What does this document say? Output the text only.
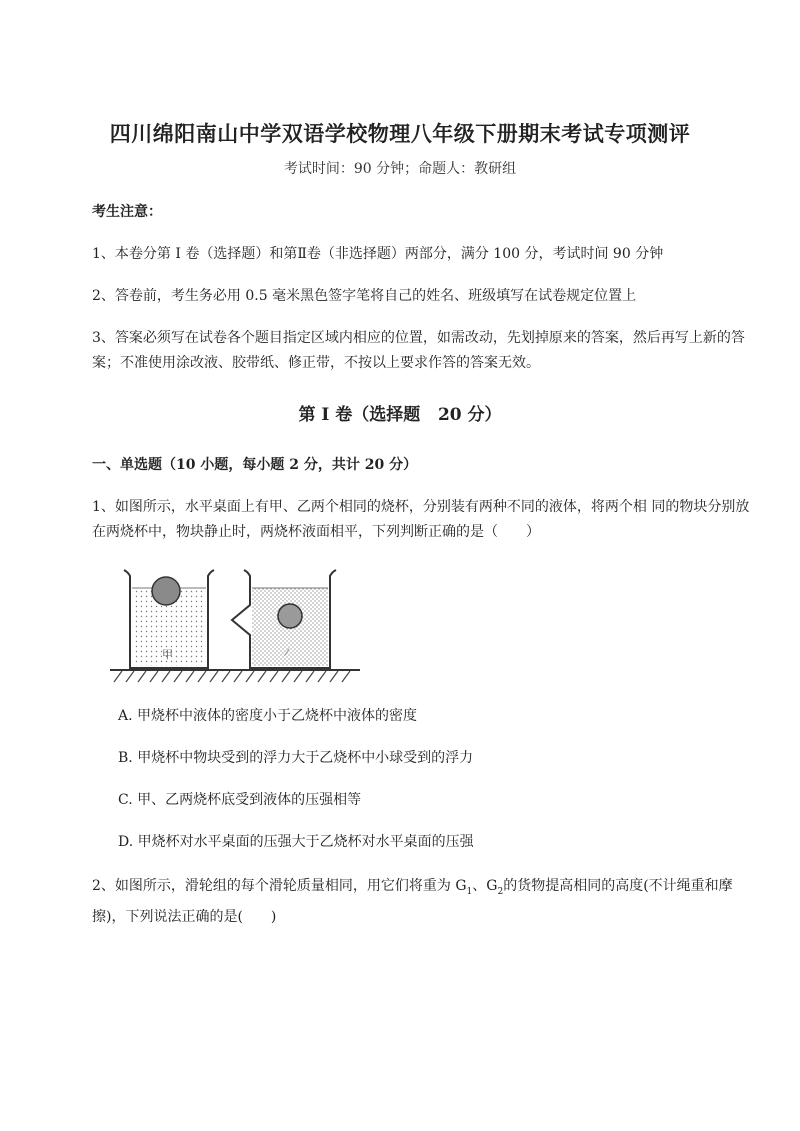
四川绵阳南山中学双语学校物理八年级下册期末考试专项测评
考试时间：90 分钟；命题人：教研组
考生注意：
1、本卷分第 I 卷（选择题）和第Ⅱ卷（非选择题）两部分，满分 100 分，考试时间 90 分钟
2、答卷前，考生务必用 0.5 毫米黑色签字笔将自己的姓名、班级填写在试卷规定位置上
3、答案必须写在试卷各个题目指定区域内相应的位置，如需改动，先划掉原来的答案，然后再写上新的答案；不准使用涂改液、胶带纸、修正带，不按以上要求作答的答案无效。
第 I 卷（选择题   20 分）
一、单选题（10 小题，每小题 2 分，共计 20 分）
1、如图所示，水平桌面上有甲、乙两个相同的烧杯，分别装有两种不同的液体，将两个相 同的物块分别放在两烧杯中，物块静止时，两烧杯液面相平，下列判断正确的是（　　）
甲	⁄
A. 甲烧杯中液体的密度小于乙烧杯中液体的密度
B. 甲烧杯中物块受到的浮力大于乙烧杯中小球受到的浮力
C. 甲、乙两烧杯底受到液体的压强相等
D. 甲烧杯对水平桌面的压强大于乙烧杯对水平桌面的压强
2、如图所示，滑轮组的每个滑轮质量相同，用它们将重为 $G_1$、$G_2$的货物提高相同的高度(不计绳重和摩擦)，下列说法正确的是(　　)
